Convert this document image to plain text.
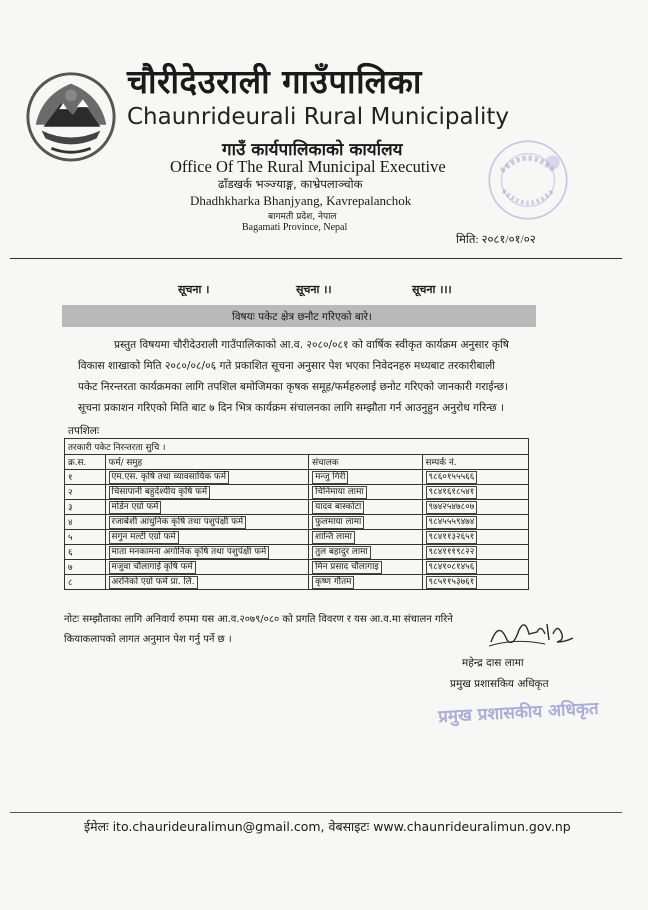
चौरीदेउराली गाउँपालिका
Chaunrideurali Rural Municipality
गाउँ कार्यपालिकाको कार्यालय
Office Of The Rural Municipal Executive
ढाँडखर्क भञ्ज्याङ्ग, काभ्रेपलाञ्चोक
Dhadhkharka Bhanjyang, Kavrepalanchok
बागमती प्रदेश, नेपाल
Bagamati Province, Nepal
मिति: २०८१/०१/०२
सूचना ।	सूचना ।।	सूचना ।।।
विषयः पकेट क्षेत्र छनौट गरिएको बारे।
प्रस्तुत विषयमा चौरीदेउराली गाउँपालिकाको आ.व. २०८०/०८१ को वार्षिक स्वीकृत कार्यक्रम अनुसार कृषि
विकास शाखाको मिति २०८०/०८/०६ गते प्रकाशित सूचना अनुसार पेश भएका निवेदनहरु मध्यबाट तरकारीबाली
पकेट निरन्तरता कार्यक्रमका लागि तपशिल बमोजिमका कृषक समूह/फर्महरुलाई छनोट गरिएको जानकारी गराईन्छ।
सूचना प्रकाशन गरिएको मिति बाट ७ दिन भित्र कार्यक्रम संचालनका लागि सम्झौता गर्न आउनुहुन अनुरोध गरिन्छ ।
तपशिलः
तरकारी पकेट निरन्तरता सुचि ।			
क्र.स.	फर्म/ समुह	संचालक	सम्पर्क नं.
१	एम.एस. कृषि तथा व्यावसायिक फर्म	मन्जु गिरी	९८६०१५५५६६
२	चिसापानी बहुदेश्यीय कृषि फर्म	चिनिमाया लामा	९८४१६१८५४१
३	मोर्डन एग्रो फर्म	यादव बास्कोटा	९७४२५४७८०७
४	रजाबेशी आधुनिक कृषि तथा पशुपंक्षी फर्म	फुलमाया लामा	९८४५५५९४७४
५	सगुन मल्टी एग्रो फर्म	शान्ति लामा	९८४११३२६५१
६	माता मनकामना अर्गानिक कृषि तथा पशुपंक्षी फर्म	तुल बहादुर लामा	९८४१११९८२२
७	मजुवा चौलागाई कृषि फर्म	मिन प्रसाद चौलागाइ	९८४१०८१४५६
८	अरनिको एग्रो फर्म प्रा. लि.	कृष्ण गौतम	९८५११५३७६१
नोटः सम्झौताका लागि अनिवार्य रुपमा यस आ.व.२०७९/०८० को प्रगति विवरण र यस आ.व.मा संचालन गरिने
कियाकलापको लागत अनुमान पेश गर्नु पर्ने छ ।
महेन्द्र दास लामा
प्रमुख प्रशासकिय अधिकृत
प्रमुख प्रशासकीय अधिकृत
ईमेलः ito.chaurideuralimun@gmail.com, वेबसाइटः www.chaunrideuralimun.gov.np
